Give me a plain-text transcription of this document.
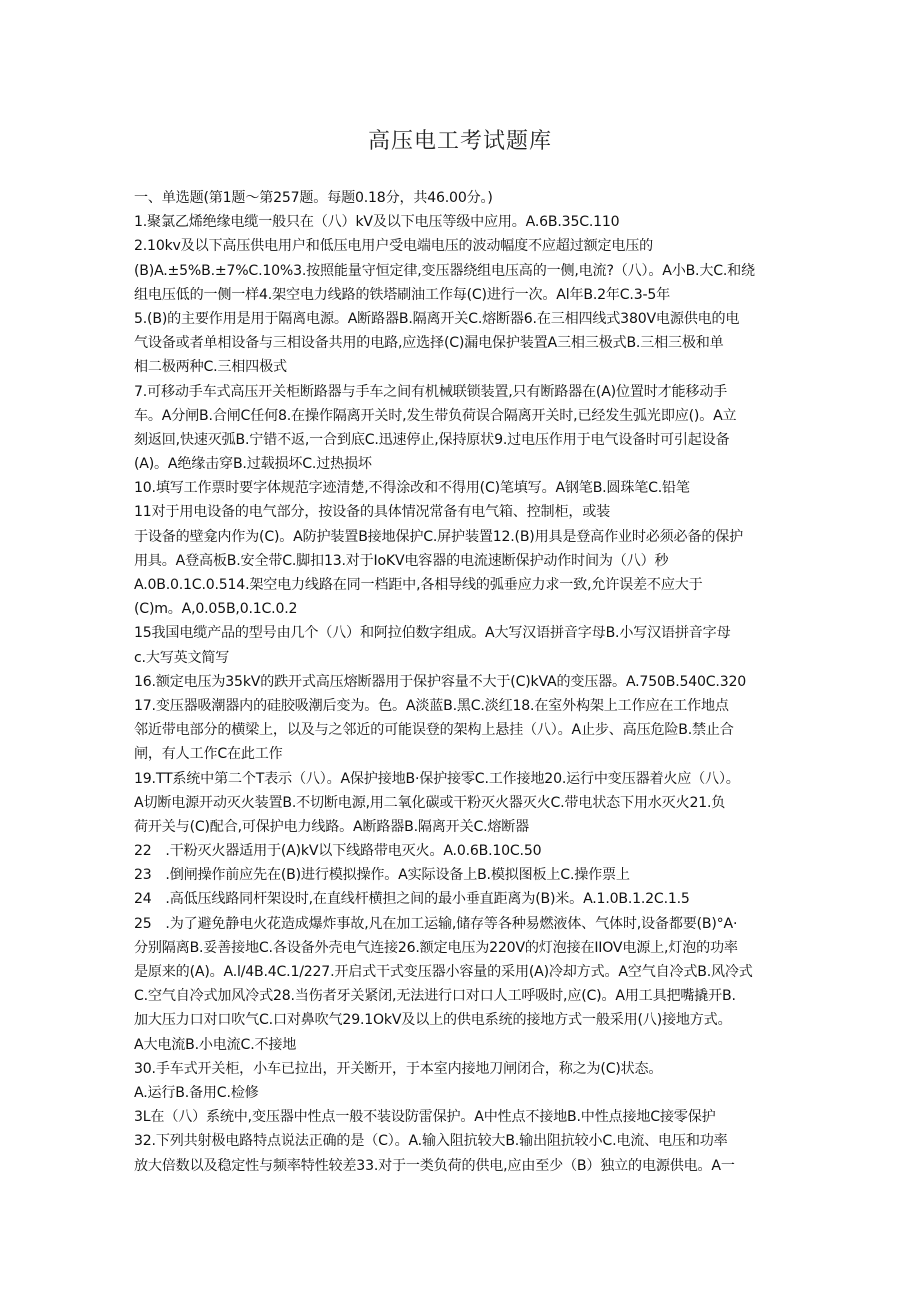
高压电工考试题库
一、单选题(第1题〜第257题。每题0.18分，共46.00分。)
1.聚氯乙烯绝缘电缆一般只在（八）kV及以下电压等级中应用。A.6B.35C.110
2.10kv及以下高压供电用户和低压电用户受电端电压的波动幅度不应超过额定电压的
(B)A.±5%B.±7%C.10%3.按照能量守恒定律,变压器绕组电压高的一侧,电流?（八）。A小B.大C.和绕
组电压低的一侧一样4.架空电力线路的铁塔刷油工作每(C)进行一次。Al年B.2年C.3-5年
5.(B)的主要作用是用于隔离电源。A断路器B.隔离开关C.熔断器6.在三相四线式380V电源供电的电
气设备或者单相设备与三相设备共用的电路,应选择(C)漏电保护装置A三相三极式B.三相三极和单
相二极两种C.三相四极式
7.可移动手车式高压开关柜断路器与手车之间有机械联锁装置,只有断路器在(A)位置时才能移动手
车。A分闸B.合闸C任何8.在操作隔离开关时,发生带负荷误合隔离开关时,已经发生弧光即应()。A立
刻返回,快速灭弧B.宁错不返,一合到底C.迅速停止,保持原状9.过电压作用于电气设备时可引起设备
(A)。A绝缘击穿B.过载损坏C.过热损坏
10.填写工作票时要字体规范字迹清楚,不得涂改和不得用(C)笔填写。A钢笔B.圆珠笔C.铅笔
11对于用电设备的电气部分，按设备的具体情况常备有电气箱、控制柜，或装
于设备的壁龛内作为(C)。A防护装置B接地保护C.屏护装置12.(B)用具是登高作业时必须必备的保护
用具。A登高板B.安全带C.脚扣13.对于IoKV电容器的电流速断保护动作时间为（八）秒
A.0B.0.1C.0.514.架空电力线路在同一档距中,各相导线的弧垂应力求一致,允许误差不应大于
(C)m。A,0.05B,0.1C.0.2
15我国电缆产品的型号由几个（八）和阿拉伯数字组成。A大写汉语拼音字母B.小写汉语拼音字母
c.大写英文简写
16.额定电压为35kV的跌开式高压熔断器用于保护容量不大于(C)kVA的变压器。A.750B.540C.320
17.变压器吸潮器内的硅胶吸潮后变为。色。A淡蓝B.黑C.淡红18.在室外构架上工作应在工作地点
邻近带电部分的横梁上，以及与之邻近的可能误登的架构上悬挂（八）。A止步、高压危险B.禁止合
闸，有人工作C在此工作
19.TT系统中第二个T表示（八）。A保护接地B·保护接零C.工作接地20.运行中变压器着火应（八）。
A切断电源开动灭火装置B.不切断电源,用二氧化碳或干粉灭火器灭火C.带电状态下用水灭火21.负
荷开关与(C)配合,可保护电力线路。A断路器B.隔离开关C.熔断器
22　.干粉灭火器适用于(A)kV以下线路带电灭火。A.0.6B.10C.50
23　.倒闸操作前应先在(B)进行模拟操作。A实际设备上B.模拟图板上C.操作票上
24　.高低压线路同杆架设时,在直线杆横担之间的最小垂直距离为(B)米。A.1.0B.1.2C.1.5
25　.为了避免静电火花造成爆炸事故,凡在加工运输,储存等各种易燃液体、气体时,设备都要(B)°A·
分别隔离B.妥善接地C.各设备外壳电气连接26.额定电压为220V的灯泡接在IIOV电源上,灯泡的功率
是原来的(A)。A.l/4B.4C.1/227.开启式干式变压器小容量的采用(A)冷却方式。A空气自冷式B.风冷式
C.空气自冷式加风冷式28.当伤者牙关紧闭,无法进行口对口人工呼吸时,应(C)。A用工具把嘴撬开B.
加大压力口对口吹气C.口对鼻吹气29.1OkV及以上的供电系统的接地方式一般采用(八)接地方式。
A大电流B.小电流C.不接地
30.手车式开关柜，小车已拉出，开关断开，于本室内接地刀闸闭合，称之为(C)状态。
A.运行B.备用C.检修
3L在（八）系统中,变压器中性点一般不装设防雷保护。A中性点不接地B.中性点接地C接零保护
32.下列共射极电路特点说法正确的是（C）。A.输入阻抗较大B.输出阻抗较小C.电流、电压和功率
放大倍数以及稳定性与频率特性较差33.对于一类负荷的供电,应由至少（B）独立的电源供电。A一
